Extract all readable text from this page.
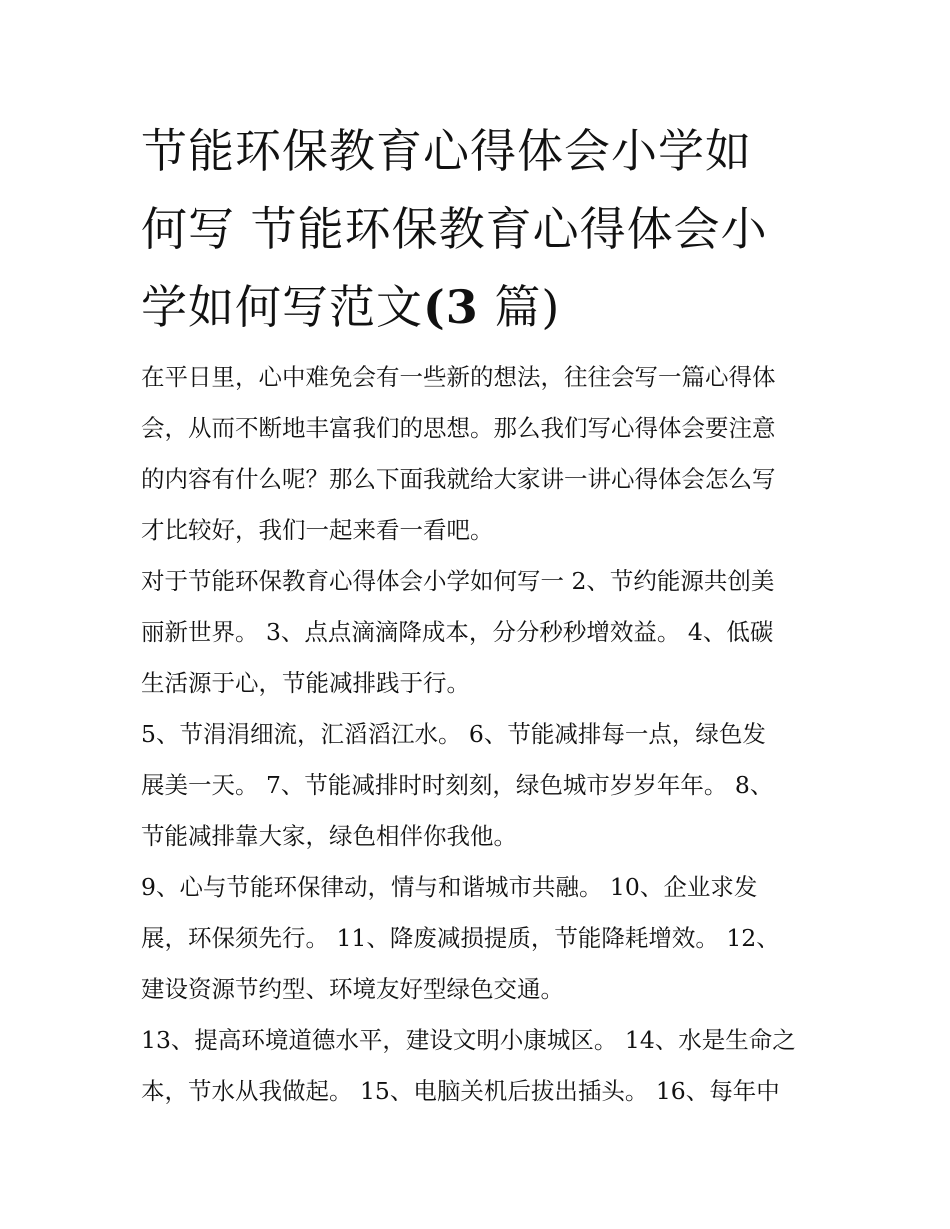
节能环保教育心得体会小学如
何写 节能环保教育心得体会小
学如何写范文(3 篇)

在平日里，心中难免会有一些新的想法，往往会写一篇心得体
会，从而不断地丰富我们的思想。那么我们写心得体会要注意
的内容有什么呢？那么下面我就给大家讲一讲心得体会怎么写
才比较好，我们一起来看一看吧。

对于节能环保教育心得体会小学如何写一 2、节约能源共创美
丽新世界。 3、点点滴滴降成本，分分秒秒增效益。 4、低碳
生活源于心，节能减排践于行。

5、节涓涓细流，汇滔滔江水。 6、节能减排每一点，绿色发
展美一天。 7、节能减排时时刻刻，绿色城市岁岁年年。 8、
节能减排靠大家，绿色相伴你我他。

9、心与节能环保律动，情与和谐城市共融。 10、企业求发
展，环保须先行。 11、降废减损提质，节能降耗增效。 12、
建设资源节约型、环境友好型绿色交通。

13、提高环境道德水平，建设文明小康城区。 14、水是生命之
本，节水从我做起。 15、电脑关机后拔出插头。 16、每年中
